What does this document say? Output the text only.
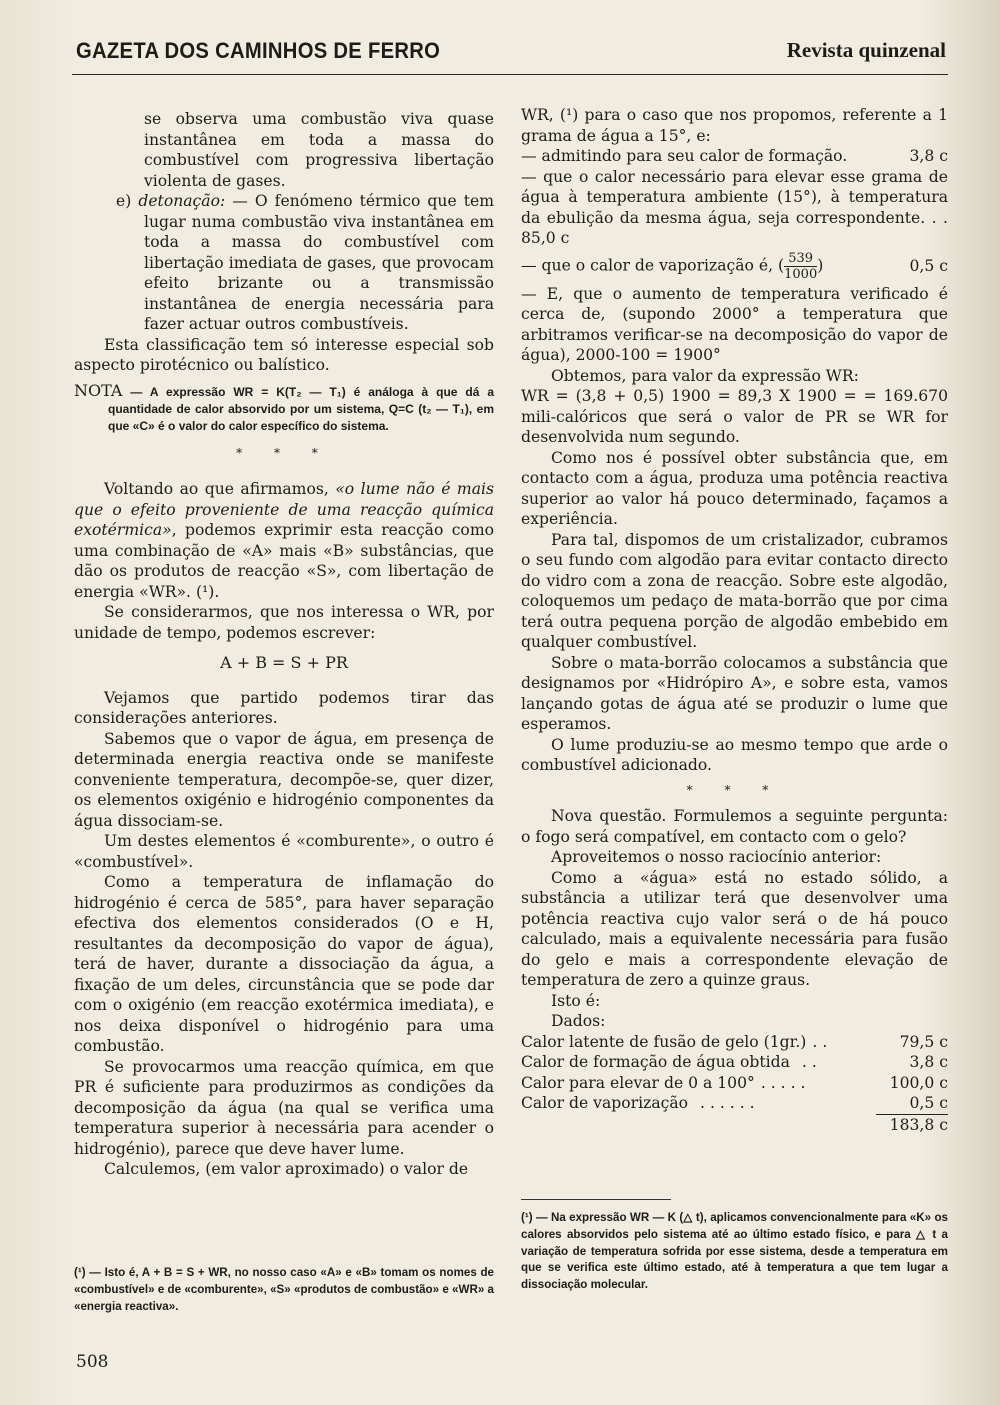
GAZETA DOS CAMINHOS DE FERRO	Revista quinzenal

se observa uma combustão viva quase instantânea em toda a massa do combustível com progressiva libertação violenta de gases.

e) detonação: — O fenómeno térmico que tem lugar numa combustão viva instantânea em toda a massa do combustível com libertação imediata de gases, que provocam efeito brizante ou a transmissão instantânea de energia necessária para fazer actuar outros combustíveis.

Esta classificação tem só interesse especial sob aspecto pirotécnico ou balístico.

NOTA — A expressão WR = K(T₂ — T₁) é análoga à que dá a quantidade de calor absorvido por um sistema, Q=C (t₂ — T₁), em que «C» é o valor do calor específico do sistema.

* * *

Voltando ao que afirmamos, «o lume não é mais que o efeito proveniente de uma reacção química exotérmica», podemos exprimir esta reacção como uma combinação de «A» mais «B» substâncias, que dão os produtos de reacção «S», com libertação de energia «WR». (¹).

Se considerarmos, que nos interessa o WR, por unidade de tempo, podemos escrever:

A + B = S + PR

Vejamos que partido podemos tirar das considerações anteriores.

Sabemos que o vapor de água, em presença de determinada energia reactiva onde se manifeste conveniente temperatura, decompõe-se, quer dizer, os elementos oxigénio e hidrogénio componentes da água dissociam-se.

Um destes elementos é «comburente», o outro é «combustível».

Como a temperatura de inflamação do hidrogénio é cerca de 585°, para haver separação efectiva dos elementos considerados (O e H, resultantes da decomposição do vapor de água), terá de haver, durante a dissociação da água, a fixação de um deles, circunstância que se pode dar com o oxigénio (em reacção exotérmica imediata), e nos deixa disponível o hidrogénio para uma combustão.

Se provocarmos uma reacção química, em que PR é suficiente para produzirmos as condições da decomposição da água (na qual se verifica uma temperatura superior à necessária para acender o hidrogénio), parece que deve haver lume.

Calculemos, (em valor aproximado) o valor de

(¹) — Isto é, A + B = S + WR, no nosso caso «A» e «B» tomam os nomes de «combustível» e de «comburente», «S» «produtos de combustão» e «WR» a «energia reactiva».

WR, (¹) para o caso que nos propomos, referente a 1 grama de água a 15°, e:

— admitindo para seu calor de formação.	3,8 c

— que o calor necessário para elevar esse grama de água à temperatura ambiente (15°), à temperatura da ebulição da mesma água, seja correspondente. . . 85,0 c

— que o calor de vaporização é, ( $\frac{539}{1000}$ )	0,5 c

— E, que o aumento de temperatura verificado é cerca de, (supondo 2000° a temperatura que arbitramos verificar-se na decomposição do vapor de água), 2000-100 = 1900°

Obtemos, para valor da expressão WR:

WR = (3,8 + 0,5) 1900 = 89,3 X 1900 = = 169.670 mili-calóricos que será o valor de PR se WR for desenvolvida num segundo.

Como nos é possível obter substância que, em contacto com a água, produza uma potência reactiva superior ao valor há pouco determinado, façamos a experiência.

Para tal, dispomos de um cristalizador, cubramos o seu fundo com algodão para evitar contacto directo do vidro com a zona de reacção. Sobre este algodão, coloquemos um pedaço de mata-borrão que por cima terá outra pequena porção de algodão embebido em qualquer combustível.

Sobre o mata-borrão colocamos a substância que designamos por «Hidrópiro A», e sobre esta, vamos lançando gotas de água até se produzir o lume que esperamos.

O lume produziu-se ao mesmo tempo que arde o combustível adicionado.

* * *

Nova questão. Formulemos a seguinte pergunta: o fogo será compatível, em contacto com o gelo?

Aproveitemos o nosso raciocínio anterior:

Como a «água» está no estado sólido, a substância a utilizar terá que desenvolver uma potência reactiva cujo valor será o de há pouco calculado, mais a equivalente necessária para fusão do gelo e mais a correspondente elevação de temperatura de zero a quinze graus.

Isto é:

Dados:

Calor latente de fusão de gelo (1gr.) . .	79,5 c
Calor de formação de água obtida . .	3,8 c
Calor para elevar de 0 a 100° . . . . .	100,0 c
Calor de vaporização . . . . . .	0,5 c
183,8 c
(¹) — Na expressão WR — K (△ t), aplicamos convencionalmente para «K» os calores absorvidos pelo sistema até ao último estado físico, e para △ t a variação de temperatura sofrida por esse sistema, desde a temperatura em que se verifica este último estado, até à temperatura a que tem lugar a dissociação molecular.
508
